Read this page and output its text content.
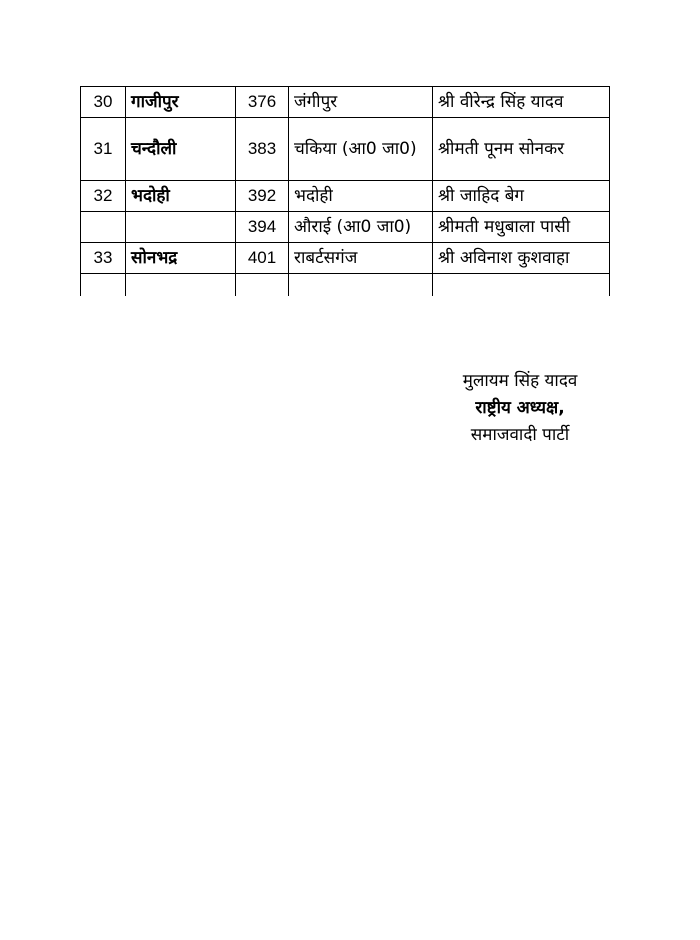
30	गाजीपुर	376	जंगीपुर	श्री वीरेन्द्र सिंह यादव
31	चन्दौली	383	चकिया (आ0 जा0)	श्रीमती पूनम सोनकर
32	भदोही	392	भदोही	श्री जाहिद बेग
		394	औराई (आ0 जा0)	श्रीमती मधुबाला पासी
33	सोनभद्र	401	राबर्टसगंज	श्री अविनाश कुशवाहा

मुलायम सिंह यादव
राष्ट्रीय अध्यक्ष,
समाजवादी पार्टी
